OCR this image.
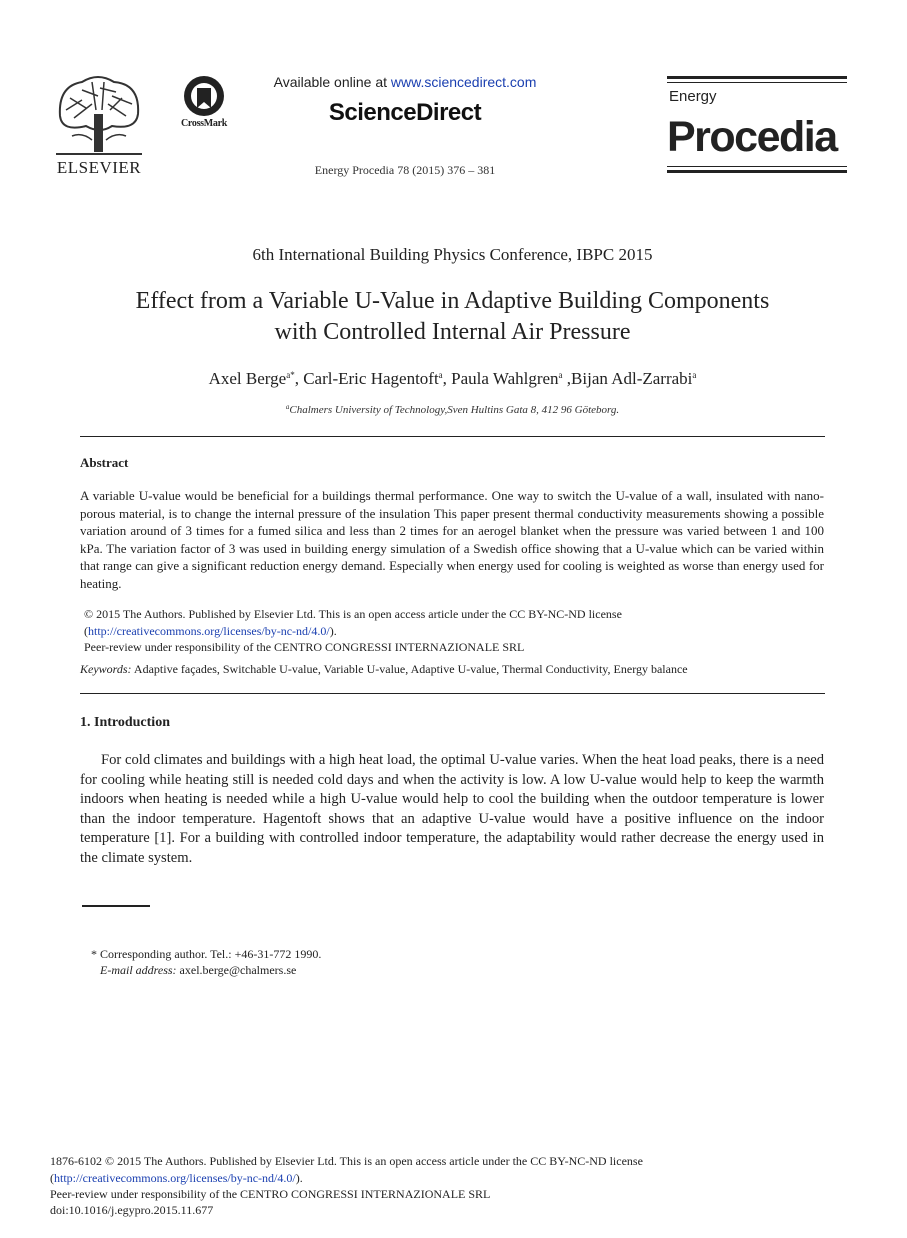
ELSEVIER
CrossMark
Available online at www.sciencedirect.com
ScienceDirect
Energy Procedia 78 (2015) 376 – 381
Energy
Procedia
6th International Building Physics Conference, IBPC 2015
Effect from a Variable U-Value in Adaptive Building Components
with Controlled Internal Air Pressure
Axel Berge$^{a*}$, Carl-Eric Hagentoft$^a$, Paula Wahlgren$^a$ ,Bijan Adl-Zarrabi$^a$
$^a$Chalmers University of Technology,Sven Hultins Gata 8, 412 96 Göteborg.
Abstract
A variable U-value would be beneficial for a buildings thermal performance. One way to switch the U-value of a wall, insulated with nano-porous material, is to change the internal pressure of the insulation This paper present thermal conductivity measurements showing a possible variation around of 3 times for a fumed silica and less than 2 times for an aerogel blanket when the pressure was varied between 1 and 100 kPa. The variation factor of 3 was used in building energy simulation of a Swedish office showing that a U-value which can be varied within that range can give a significant reduction energy demand. Especially when energy used for cooling is weighted as worse than energy used for heating.
© 2015 The Authors. Published by Elsevier Ltd. This is an open access article under the CC BY-NC-ND license
(http://creativecommons.org/licenses/by-nc-nd/4.0/).
Peer-review under responsibility of the CENTRO CONGRESSI INTERNAZIONALE SRL
Keywords: Adaptive façades, Switchable U-value, Variable U-value, Adaptive U-value, Thermal Conductivity, Energy balance
1. Introduction
For cold climates and buildings with a high heat load, the optimal U-value varies. When the heat load peaks, there is a need for cooling while heating still is needed cold days and when the activity is low. A low U-value would help to keep the warmth indoors when heating is needed while a high U-value would help to cool the building when the outdoor temperature is lower than the indoor temperature. Hagentoft shows that an adaptive U-value would have a positive influence on the indoor temperature [1]. For a building with controlled indoor temperature, the adaptability would rather decrease the energy used in the climate system.
* Corresponding author. Tel.: +46-31-772 1990.
E-mail address: axel.berge@chalmers.se
1876-6102 © 2015 The Authors. Published by Elsevier Ltd. This is an open access article under the CC BY-NC-ND license
(http://creativecommons.org/licenses/by-nc-nd/4.0/).
Peer-review under responsibility of the CENTRO CONGRESSI INTERNAZIONALE SRL
doi:10.1016/j.egypro.2015.11.677
